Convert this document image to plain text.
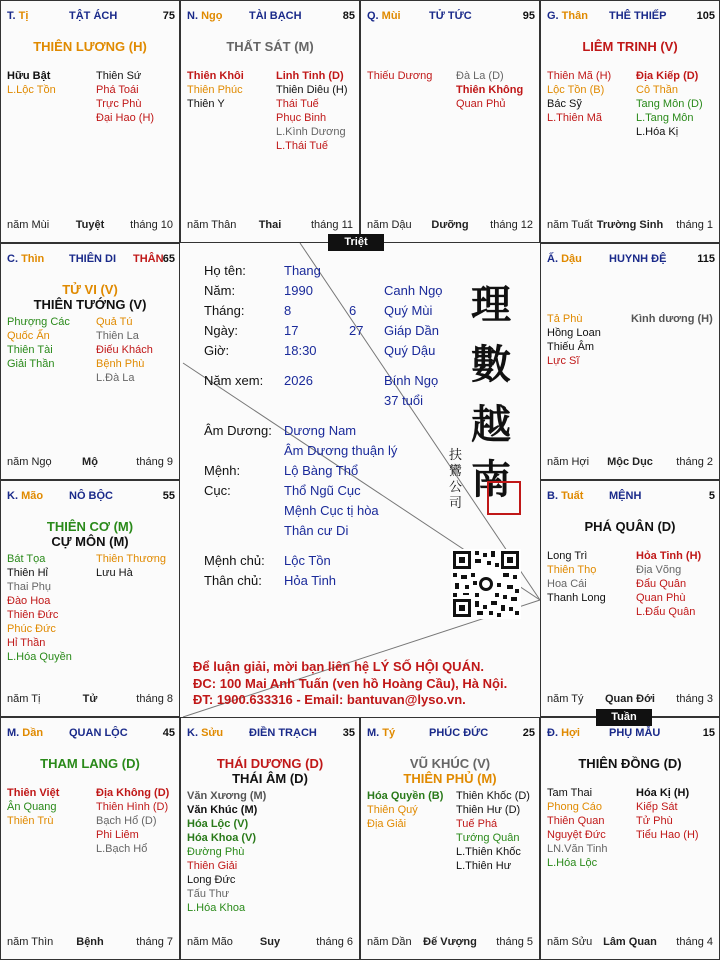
T. Tị	TẬT ÁCH	75
THIÊN LƯƠNG (H)
Hữu Bật
L.Lộc Tồn
Thiên Sứ
Phá Toái
Trực Phù
Đại Hao (H)
năm Mùi	Tuyệt	tháng 10
N. Ngọ TÀI BẠCH	85
THẤT SÁT (M)
Thiên Khôi
Thiên Phúc
Thiên Y
Linh Tinh (D)
Thiên Diêu (H)
Thái Tuế
Phục Binh
L.Kình Dương
L.Thái Tuế
năm Thân	Thai	tháng 11
Q. Mùi	TỬ TỨC	95
Thiếu Dương Đà La (D)
Thiên Không
Quan Phủ
năm Dậu	Dưỡng	tháng 12
G. Thân THÊ THIẾP	105
LIÊM TRINH (V)
Thiên Mã (H)
Lộc Tồn (B)
Bác Sỹ
L.Thiên Mã
Địa Kiếp (D)
Cô Thần
Tang Môn (D)
L.Tang Môn
L.Hóa Kị
năm Tuất Trường Sinh	tháng 1
Ấ. Dậu HUYNH ĐỆ	115
Tả Phù
Hồng Loan
Thiếu Âm
Lực Sĩ
Kình dương (H)
năm Hợi	Mộc Dục	tháng 2
B. Tuất MỆNH	5
PHÁ QUÂN (D)
Long Trì
Thiên Thọ
Hoa Cái
Thanh Long
Hỏa Tinh (H)
Địa Võng
Đẩu Quân
Quan Phù
L.Đẩu Quân
năm Tý	Quan Đới	tháng 3
Đ. Hợi	PHỤ MẪU	15
THIÊN ĐỒNG (D)
Tam Thai
Phong Cáo
Thiên Quan
Nguyệt Đức
LN.Văn Tinh
L.Hóa Lộc
Hóa Kị (H)
Kiếp Sát
Tử Phù
Tiểu Hao (H)
năm Sửu Lâm Quan	tháng 4
M. Tý	PHÚC ĐỨC	25
VŨ KHÚC (V)
THIÊN PHỦ (M)
Hóa Quyền (B)
Thiên Quý
Địa Giải
Thiên Khốc (D)
Thiên Hư (D)
Tuế Phá
Tướng Quân
L.Thiên Khốc
L.Thiên Hư
năm Dần	Đế Vượng	tháng 5
K. Sửu ĐIỀN TRẠCH 35
THÁI DƯƠNG (D)
THÁI ÂM (D)
Văn Xương (M)
Văn Khúc (M)
Hóa Lộc (V)
Hóa Khoa (V)
Đường Phù
Thiên Giải
Long Đức
Tấu Thư
L.Hóa Khoa
năm Mão	Suy	tháng 6
M. Dần QUAN LỘC	45
THAM LANG (D)
Thiên Việt
Ân Quang
Thiên Trù
Địa Không (D)
Thiên Hình (D)
Bạch Hổ (D)
Phi Liêm
L.Bạch Hổ
năm Thìn	Bệnh	tháng 7
K. Mão NÔ BỘC	55
THIÊN CƠ (M)
CỰ MÔN (M)
Bát Tọa
Thiên Hỉ
Thai Phụ
Đào Hoa
Thiên Đức
Phúc Đức
Hỉ Thần
L.Hóa Quyền
Thiên Thương
Lưu Hà
năm Tị	Tử	tháng 8
C. Thìn THIÊN DI THÂN 65
TỬ VI (V)
THIÊN TƯỚNG (V)
Phượng Các
Quốc Ấn
Thiên Tài
Giải Thần
Quả Tú
Thiên La
Điếu Khách
Bệnh Phù
L.Đà La
năm Ngọ	Mộ	tháng 9
Triệt
Tuần
Họ tên:	Thang
Năm:	1990	Canh Ngọ
Tháng:	8	6 Quý Mùi
Ngày:	17	27 Giáp Dần
Giờ:	18:30	Quý Dậu
Năm xem: 2026	Bính Ngọ
37 tuổi
Âm Dương: Dương Nam
Âm Dương thuận lý
Mệnh:	Lộ Bàng Thổ
Cục:	Thổ Ngũ Cục
Mệnh Cục tị hòa
Thân cư Di
Mệnh chủ: Lộc Tồn
Thân chủ: Hỏa Tinh
理
數
越
南
扶鸞公司
Để luận giải, mời bạn liên hệ LÝ SỐ HỘI QUÁN.
ĐC: 100 Mai Anh Tuấn (ven hồ Hoàng Cầu), Hà Nội.
ĐT: 1900.633316 - Email: bantuvan@lyso.vn.
